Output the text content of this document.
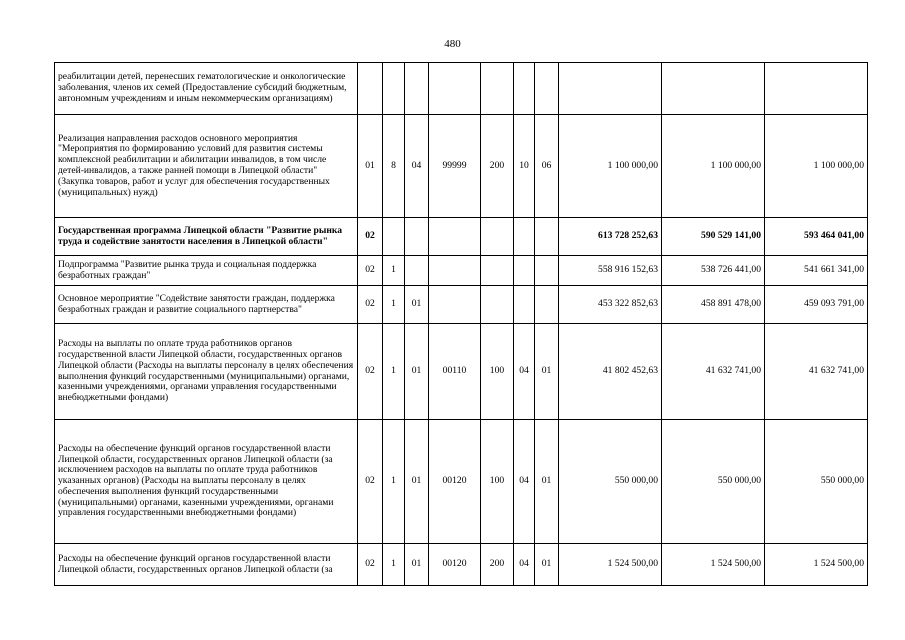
480
реабилитации детей, перенесших гематологические и онкологические заболевания, членов их семей (Предоставление субсидий бюджетным, автономным учреждениям и иным некоммерческим организациям)										
Реализация направления расходов основного мероприятия "Мероприятия по формированию условий для развития системы комплексной реабилитации и абилитации инвалидов, в том числе детей-инвалидов, а также ранней помощи в Липецкой области" (Закупка товаров, работ и услуг для обеспечения государственных (муниципальных) нужд)	01	8	04	99999	200	10	06	1 100 000,00	1 100 000,00	1 100 000,00
Государственная программа Липецкой области "Развитие рынка труда и содействие занятости населения в Липецкой области"	02							613 728 252,63	590 529 141,00	593 464 041,00
Подпрограмма "Развитие рынка труда и социальная поддержка безработных граждан"	02	1						558 916 152,63	538 726 441,00	541 661 341,00
Основное мероприятие "Содействие занятости граждан, поддержка безработных граждан и развитие социального партнерства"	02	1	01					453 322 852,63	458 891 478,00	459 093 791,00
Расходы на выплаты по оплате труда работников органов государственной власти Липецкой области, государственных органов Липецкой области (Расходы на выплаты персоналу в целях обеспечения выполнения функций государственными (муниципальными) органами, казенными учреждениями, органами управления государственными внебюджетными фондами)	02	1	01	00110	100	04	01	41 802 452,63	41 632 741,00	41 632 741,00
Расходы на обеспечение функций органов государственной власти Липецкой области, государственных органов Липецкой области (за исключением расходов на выплаты по оплате труда работников указанных органов) (Расходы на выплаты персоналу в целях обеспечения выполнения функций государственными (муниципальными) органами, казенными учреждениями, органами управления государственными внебюджетными фондами)	02	1	01	00120	100	04	01	550 000,00	550 000,00	550 000,00
Расходы на обеспечение функций органов государственной власти Липецкой области, государственных органов Липецкой области (за	02	1	01	00120	200	04	01	1 524 500,00	1 524 500,00	1 524 500,00
